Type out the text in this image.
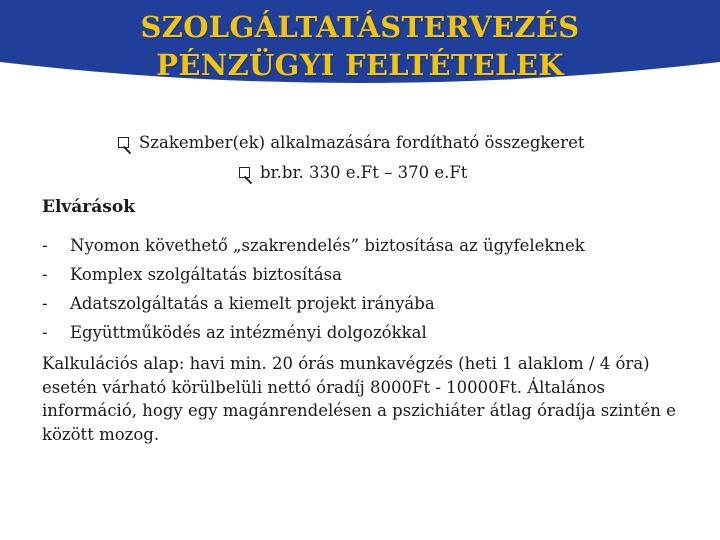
SZOLGÁLTATÁSTERVEZÉS
PÉNZÜGYI FELTÉTELEK
Szakember(ek) alkalmazására fordítható összegkeret
br.br. 330 e.Ft – 370 e.Ft
Elvárások
-	Nyomon követhető „szakrendelés” biztosítása az ügyfeleknek
-	Komplex szolgáltatás biztosítása
-	Adatszolgáltatás a kiemelt projekt irányába
-	Együttműködés az intézményi dolgozókkal
Kalkulációs alap: havi min. 20 órás munkavégzés (heti 1 alaklom / 4 óra) esetén várható körülbelüli nettó óradíj 8000Ft - 10000Ft. Általános információ, hogy egy magánrendelésen a pszichiáter átlag óradíja szintén e között mozog.
